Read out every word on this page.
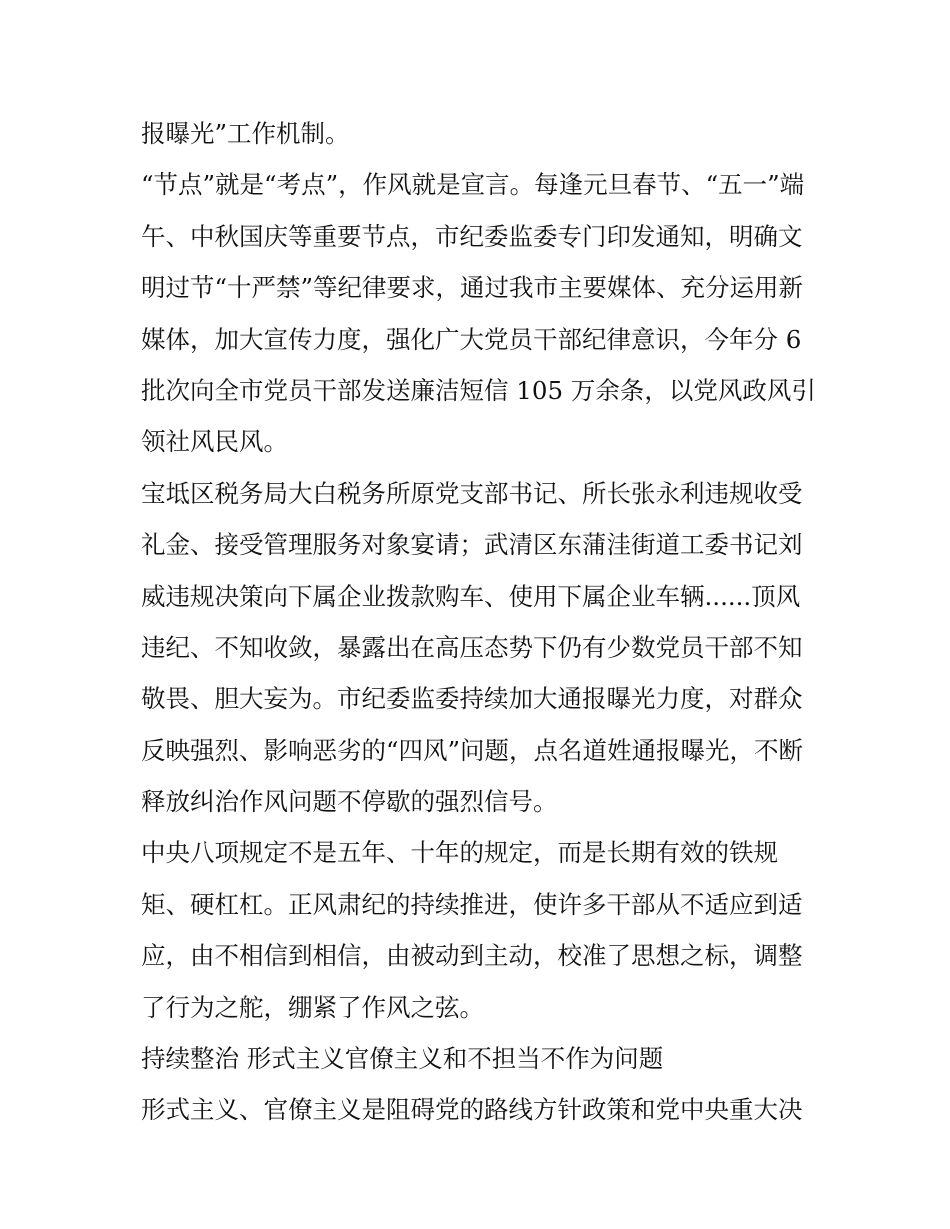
报曝光”工作机制。
“节点”就是“考点”，作风就是宣言。每逢元旦春节、“五一”端
午、中秋国庆等重要节点，市纪委监委专门印发通知，明确文
明过节“十严禁”等纪律要求，通过我市主要媒体、充分运用新
媒体，加大宣传力度，强化广大党员干部纪律意识，今年分 6
批次向全市党员干部发送廉洁短信 105 万余条，以党风政风引
领社风民风。
宝坻区税务局大白税务所原党支部书记、所长张永利违规收受
礼金、接受管理服务对象宴请；武清区东蒲洼街道工委书记刘
威违规决策向下属企业拨款购车、使用下属企业车辆......顶风
违纪、不知收敛，暴露出在高压态势下仍有少数党员干部不知
敬畏、胆大妄为。市纪委监委持续加大通报曝光力度，对群众
反映强烈、影响恶劣的“四风”问题，点名道姓通报曝光，不断
释放纠治作风问题不停歇的强烈信号。
中央八项规定不是五年、十年的规定，而是长期有效的铁规
矩、硬杠杠。正风肃纪的持续推进，使许多干部从不适应到适
应，由不相信到相信，由被动到主动，校准了思想之标，调整
了行为之舵，绷紧了作风之弦。
持续整治 形式主义官僚主义和不担当不作为问题
形式主义、官僚主义是阻碍党的路线方针政策和党中央重大决
